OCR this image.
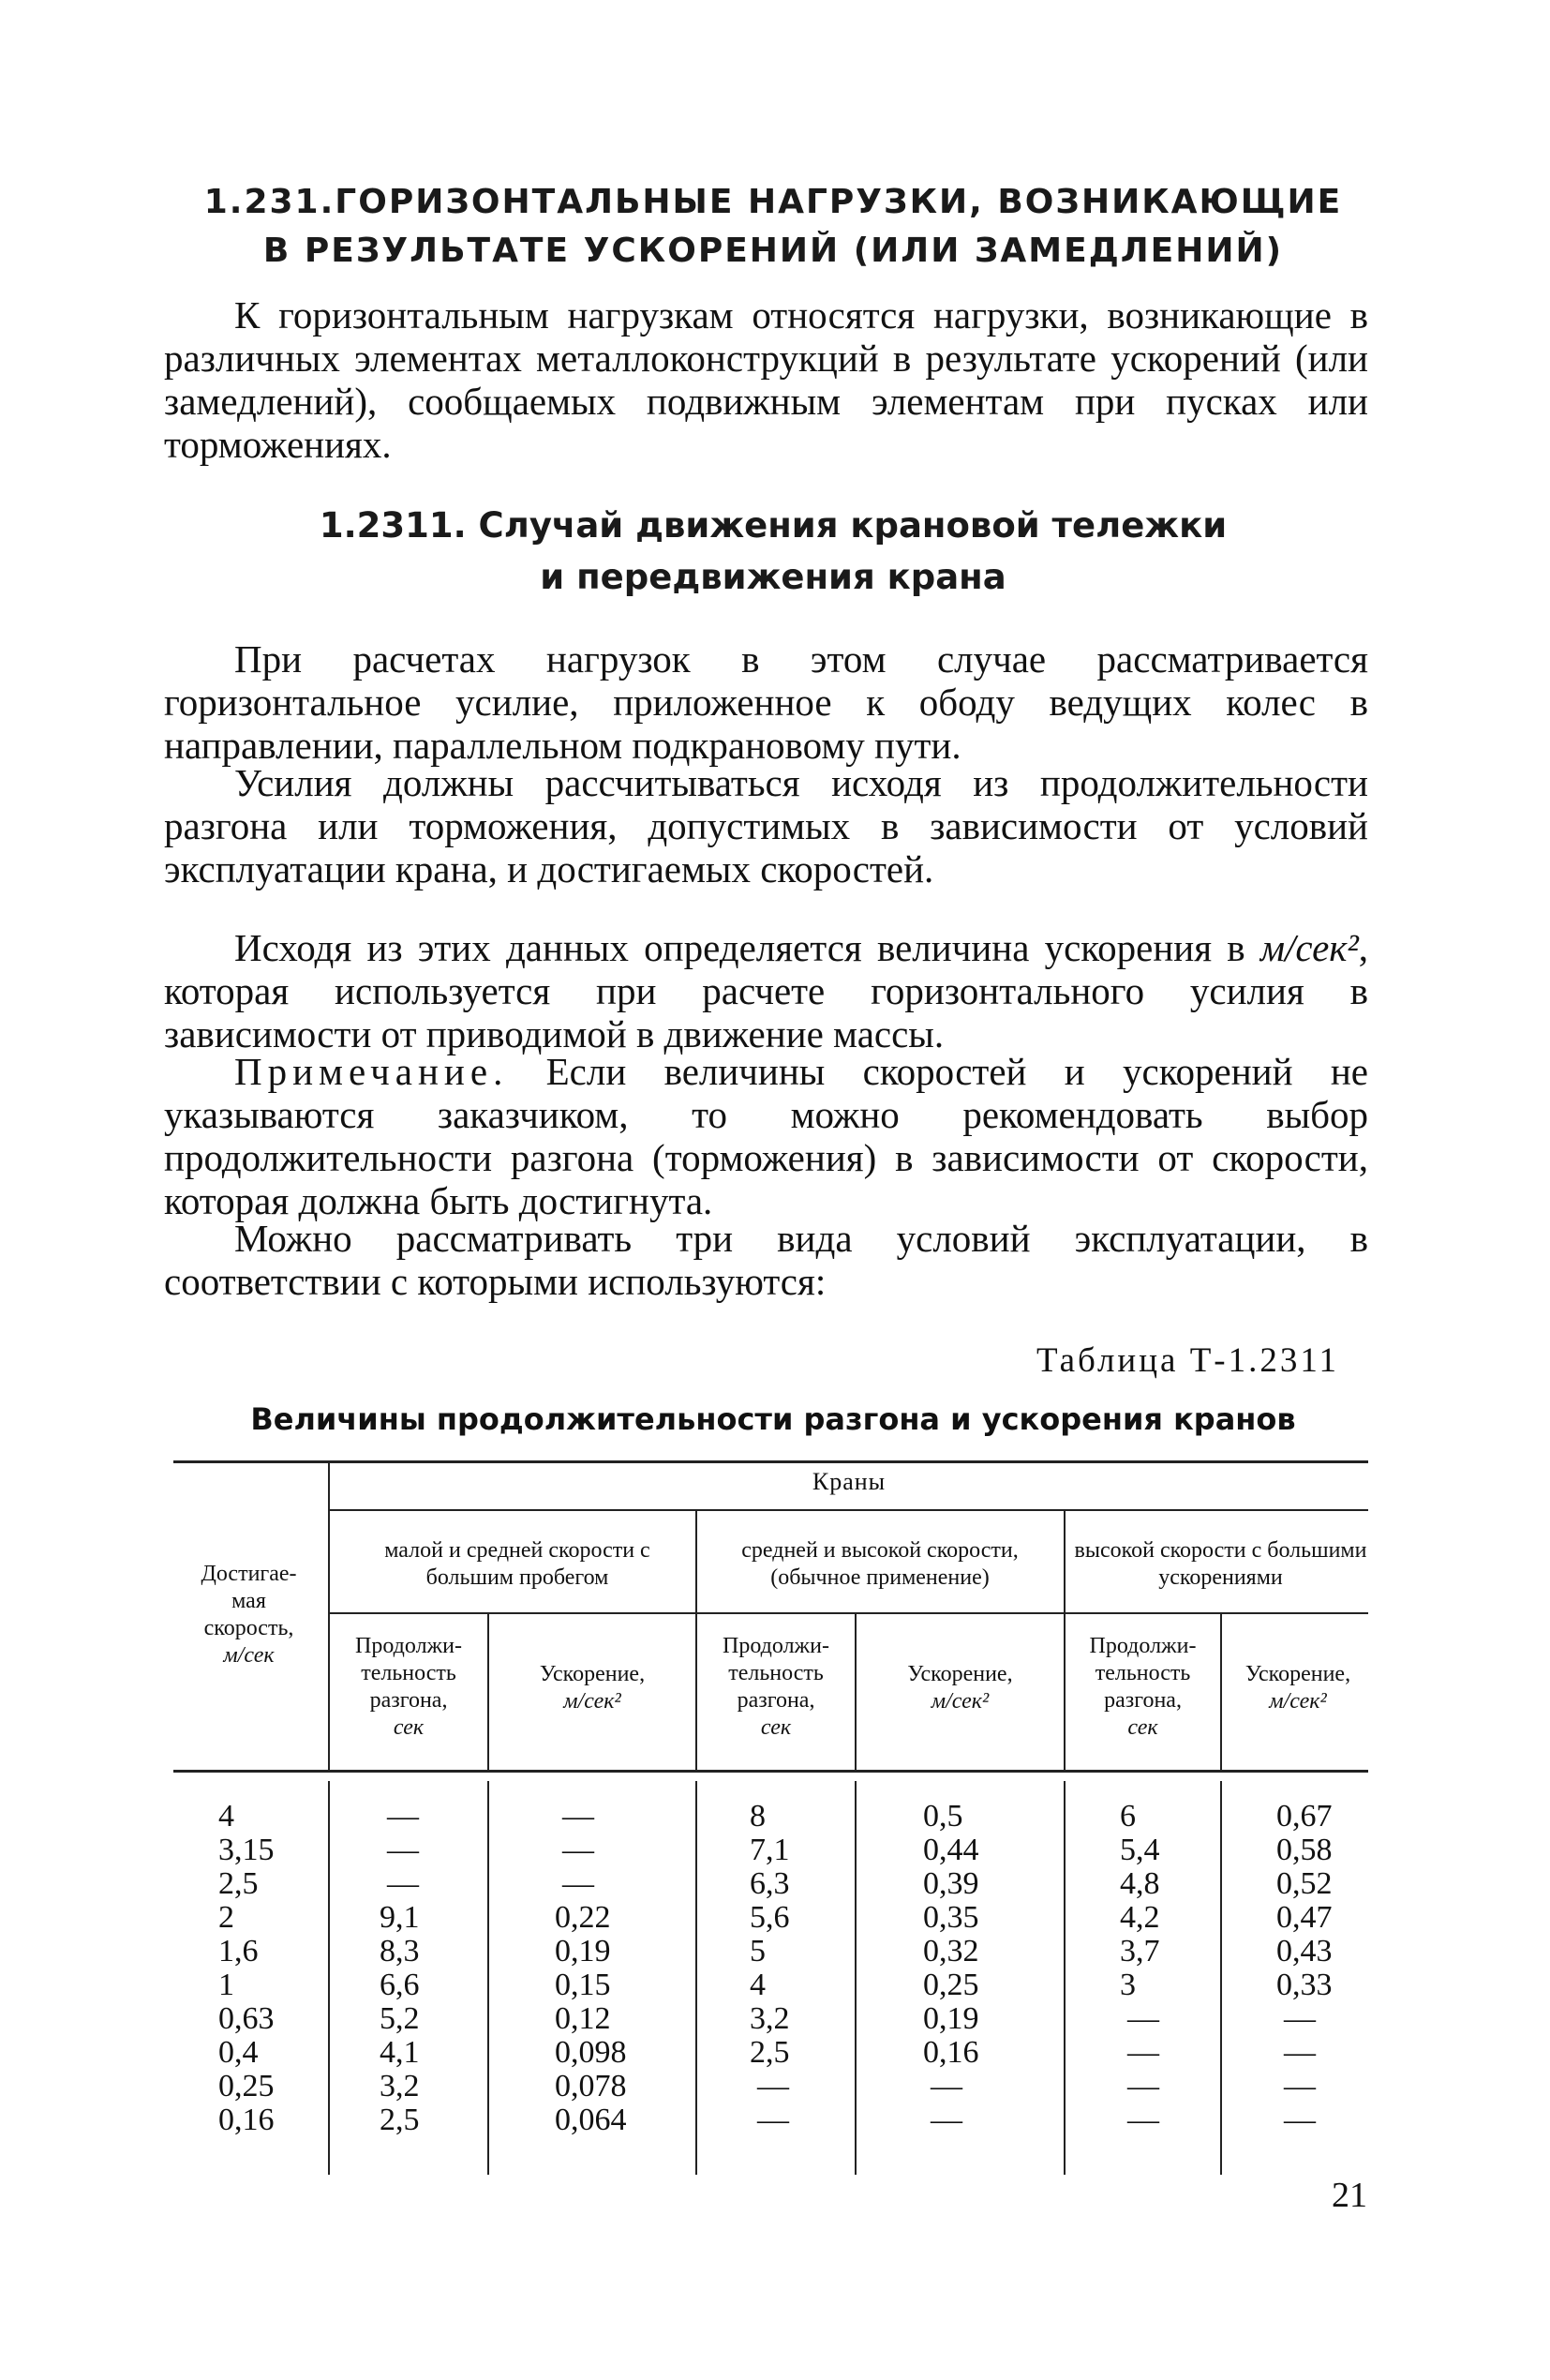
1.231.ГОРИЗОНТАЛЬНЫЕ НАГРУЗКИ, ВОЗНИКАЮЩИЕ
В РЕЗУЛЬТАТЕ УСКОРЕНИЙ (ИЛИ ЗАМЕДЛЕНИЙ)

К горизонтальным нагрузкам относятся нагрузки, возникающие в различных элементах металлоконструкций в результате ускорений (или замедлений), сообщаемых подвижным элементам при пусках или торможениях.

1.2311. Случай движения крановой тележки
и передвижения крана

При расчетах нагрузок в этом случае рассматривается горизонтальное усилие, приложенное к ободу ведущих колес в направлении, параллельном подкрановому пути.

Усилия должны рассчитываться исходя из продолжительности разгона или торможения, допустимых в зависимости от условий эксплуатации крана, и достигаемых скоростей.

Исходя из этих данных определяется величина ускорения в м/сек², которая используется при расчете горизонтального усилия в зависимости от приводимой в движение массы.

Примечание. Если величины скоростей и ускорений не указываются заказчиком, то можно рекомендовать выбор продолжительности разгона (торможения) в зависимости от скорости, которая должна быть достигнута.

Можно рассматривать три вида условий эксплуатации, в соответствии с которыми используются:

Таблица Т-1.2311
Величины продолжительности разгона и ускорения кранов
Краны
Достигае-
мая
скорость,
м/сек
малой и средней скорости с большим пробегом
средней и высокой скорости, (обычное применение)
высокой скорости с большими ускорениями
Продолжи-
тельность
разгона,
сек
Ускорение,
м/сек²
Продолжи-
тельность
разгона,
сек
Ускорение,
м/сек²
Продолжи-
тельность
разгона,
сек
Ускорение,
м/сек²
4
3,15
2,5
2
1,6
1
0,63
0,4
0,25
0,16
—
—
—
9,1
8,3
6,6
5,2
4,1
3,2
2,5
—
—
—
0,22
0,19
0,15
0,12
0,098
0,078
0,064
8
7,1
6,3
5,6
5
4
3,2
2,5
—
—
0,5
0,44
0,39
0,35
0,32
0,25
0,19
0,16
—
—
6
5,4
4,8
4,2
3,7
3
—
—
—
—
0,67
0,58
0,52
0,47
0,43
0,33
—
—
—
—
21
